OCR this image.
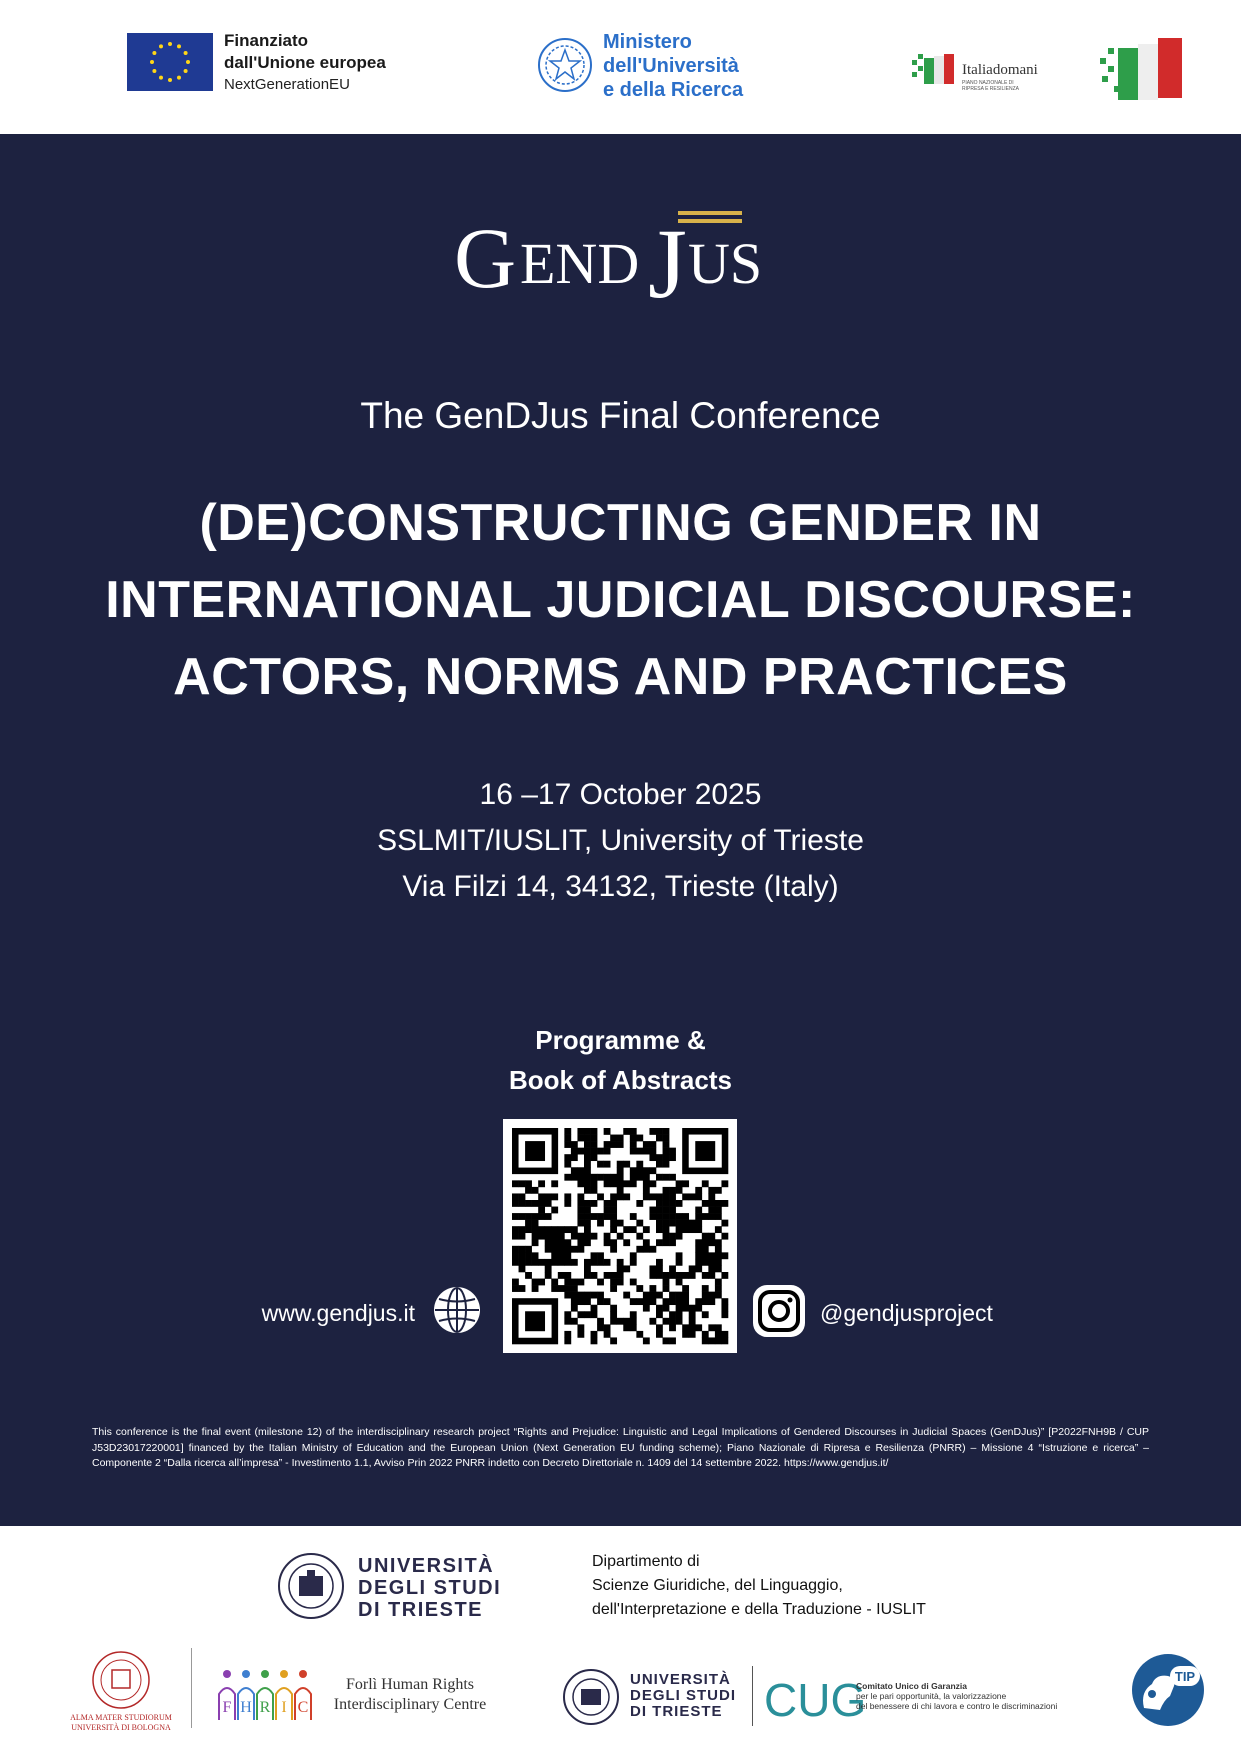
Finanziato
dall'Unione europea
NextGenerationEU
Ministero
dell'Università
e della Ricerca
Italiadomani
PIANO NAZIONALE DI RIPRESA E RESILIENZA
G END J US
The GenDJus Final Conference
(DE)CONSTRUCTING GENDER IN
INTERNATIONAL JUDICIAL DISCOURSE:
ACTORS, NORMS AND PRACTICES
16 –17 October 2025
SSLMIT/IUSLIT, University of Trieste
Via Filzi 14, 34132, Trieste (Italy)
Programme &
Book of Abstracts
www.gendjus.it	@gendjusproject
This conference is the final event (milestone 12) of the interdisciplinary research project “Rights and Prejudice: Linguistic and Legal Implications of Gendered Discourses in Judicial Spaces (GenDJus)” [P2022FNH9B / CUP J53D23017220001] financed by the Italian Ministry of Education and the European Union (Next Generation EU funding scheme); Piano Nazionale di Ripresa e Resilienza (PNRR) – Missione 4 “Istruzione e ricerca” – Componente 2 “Dalla ricerca all’impresa” - Investimento 1.1, Avviso Prin 2022 PNRR indetto con Decreto Direttoriale n. 1409 del 14 settembre 2022. https://www.gendjus.it/
UNIVERSITÀ
DEGLI STUDI
DI TRIESTE
Dipartimento di
Scienze Giuridiche, del Linguaggio,
dell'Interpretazione e della Traduzione - IUSLIT
ALMA MATER STUDIORUM
UNIVERSITÀ DI BOLOGNA
F H R I C
Forlì Human Rights
Interdisciplinary Centre
UNIVERSITÀ
DEGLI STUDI
DI TRIESTE CUG
Comitato Unico di Garanzia
per le pari opportunità, la valorizzazione
del benessere di chi lavora e contro le discriminazioni
TIP
